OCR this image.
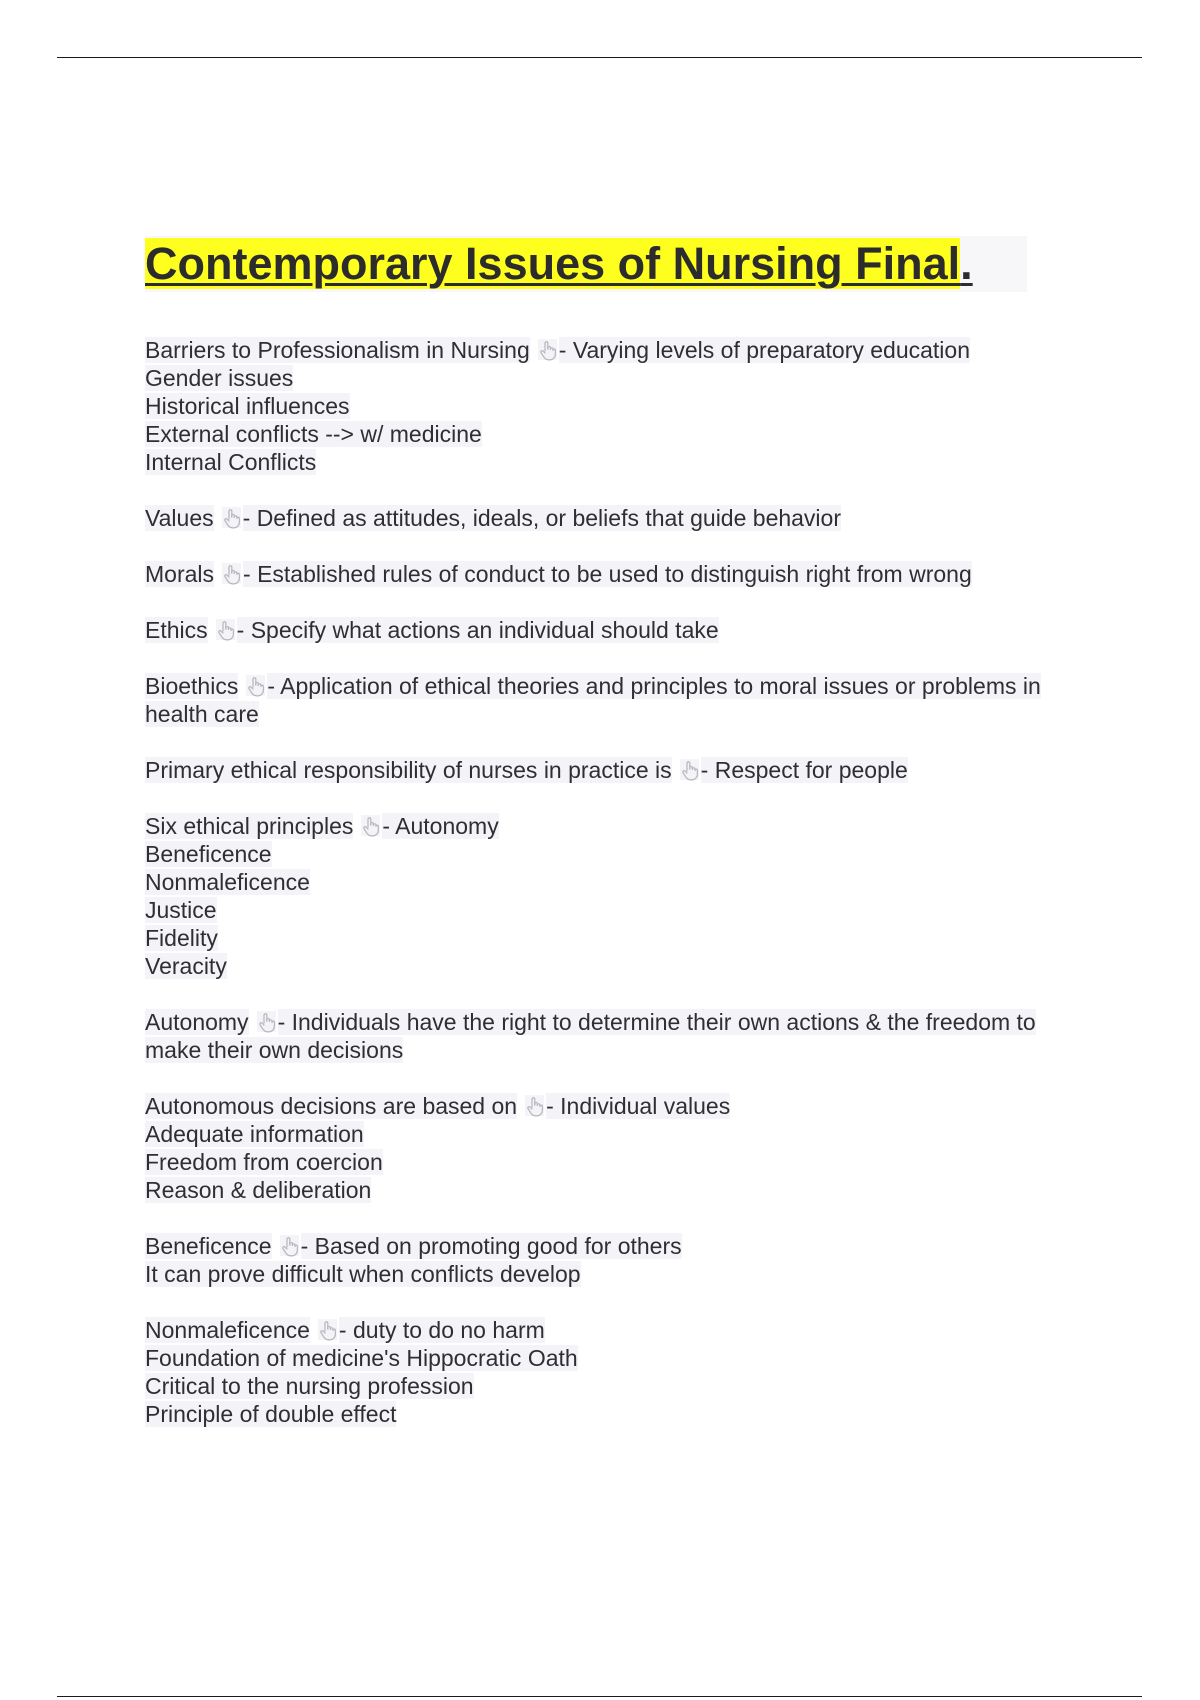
Contemporary Issues of Nursing Final.
Barriers to Professionalism in Nursing - Varying levels of preparatory education
Gender issues
Historical influences
External conflicts --> w/ medicine
Internal Conflicts
Values - Defined as attitudes, ideals, or beliefs that guide behavior
Morals - Established rules of conduct to be used to distinguish right from wrong
Ethics - Specify what actions an individual should take
Bioethics - Application of ethical theories and principles to moral issues or problems in health care
Primary ethical responsibility of nurses in practice is - Respect for people
Six ethical principles - Autonomy
Beneficence
Nonmaleficence
Justice
Fidelity
Veracity
Autonomy - Individuals have the right to determine their own actions & the freedom to make their own decisions
Autonomous decisions are based on - Individual values
Adequate information
Freedom from coercion
Reason & deliberation
Beneficence - Based on promoting good for others
It can prove difficult when conflicts develop
Nonmaleficence - duty to do no harm
Foundation of medicine's Hippocratic Oath
Critical to the nursing profession
Principle of double effect
